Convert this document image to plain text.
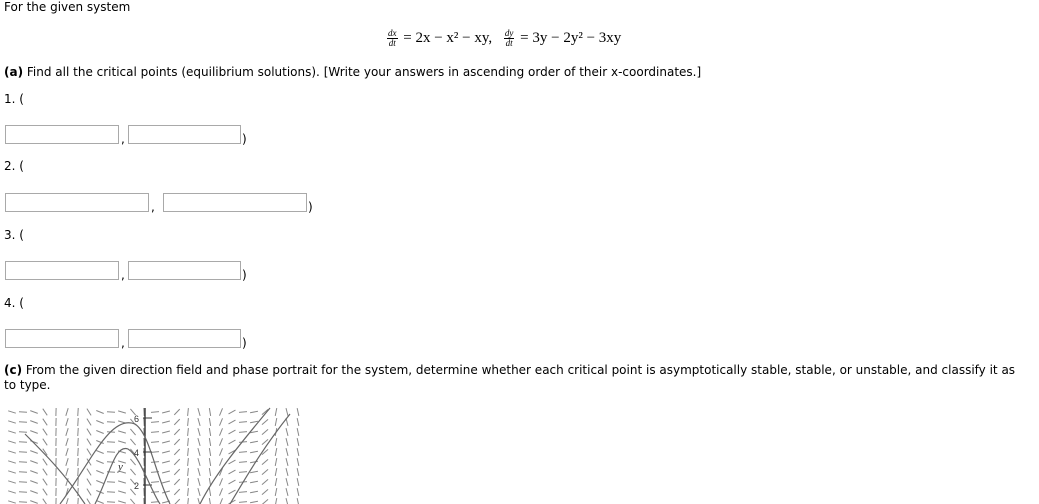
For the given system
$\frac{dx}{dt} = 2x - x^2$ − xy, $\frac{dy}{dt} = 3y - 2y^2 - 3xy$
(a) Find all the critical points (equilibrium solutions). [Write your answers in ascending order of their x-coordinates.]
1. (
,	)
2. (
,	)
3. (
,	)
4. (
,	)
(c) From the given direction field and phase portrait for the system, determine whether each critical point is asymptotically stable, stable, or unstable, and classify it as
to type.
6
4
2
y
